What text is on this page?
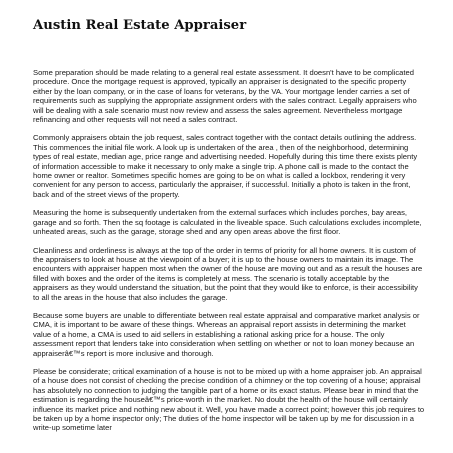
Austin Real Estate Appraiser

Some preparation should be made relating to a general real estate assessment. It doesn't have to be complicated procedure. Once the mortgage request is approved, typically an appraiser is designated to the specific property either by the loan company, or in the case of loans for veterans, by the VA. Your mortgage lender carries a set of requirements such as supplying the appropriate assignment orders with the sales contract. Legally appraisers who will be dealing with a sale scenario must now review and assess the sales agreement. Nevertheless mortgage refinancing and other requests will not need a sales contract.

Commonly appraisers obtain the job request, sales contract together with the contact details outlining the address. This commences the initial file work. A look up is undertaken of the area , then of the neighborhood, determining types of real estate, median age, price range and advertising needed. Hopefully during this time there exists plenty of information accessible to make it necessary to only make a single trip. A phone call is made to the contact the home owner or realtor. Sometimes specific homes are going to be on what is called a lockbox, rendering it very convenient for any person to access, particularly the appraiser, if successful. Initially a photo is taken in the front, back and of the street views of the property.

Measuring the home is subsequently undertaken from the external surfaces which includes porches, bay areas, garage and so forth. Then the sq footage is calculated in the liveable space. Such calculations excludes incomplete, unheated areas, such as the garage, storage shed and any open areas above the first floor.

Cleanliness and orderliness is always at the top of the order in terms of priority for all home owners. It is custom of the appraisers to look at house at the viewpoint of a buyer; it is up to the house owners to maintain its image. The encounters with appraiser happen most when the owner of the house are moving out and as a result the houses are filled with boxes and the order of the items is completely at mess. The scenario is totally acceptable by the appraisers as they would understand the situation, but the point that they would like to enforce, is their accessibility to all the areas in the house that also includes the garage.

Because some buyers are unable to differentiate between real estate appraisal and comparative market analysis or CMA, it is important to be aware of these things. Whereas an appraisal report assists in determining the market value of a home, a CMA is used to aid sellers in establishing a rational asking price for a house. The only assessment report that lenders take into consideration when settling on whether or not to loan money because an appraiserâ€™s report is more inclusive and thorough.

Please be considerate; critical examination of a house is not to be mixed up with a home appraiser job. An appraisal of a house does not consist of checking the precise condition of a chimney or the top covering of a house; appraisal has absolutely no connection to judging the tangible part of a home or its exact status. Please bear in mind that the estimation is regarding the houseâ€™s price-worth in the market. No doubt the health of the house will certainly influence its market price and nothing new about it. Well, you have made a correct point; however this job requires to be taken up by a home inspector only; The duties of the home inspector will be taken up by me for discussion in a write-up sometime later
